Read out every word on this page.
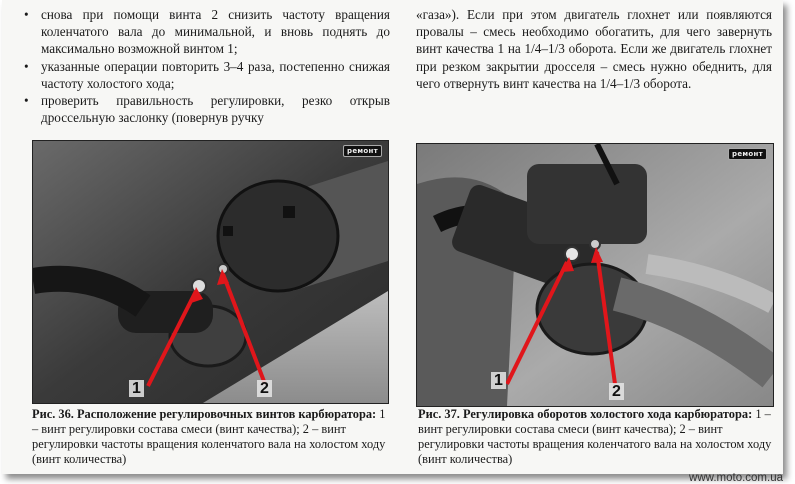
• снова при помощи винта 2 снизить частоту вращения коленчатого вала до минимальной, и вновь поднять до максимально возможной винтом 1;
• указанные операции повторить 3–4 раза, постепенно снижая частоту холостого хода;
• проверить правильность регулировки, резко открыв дроссельную заслонку (повернув ручку
«газа»). Если при этом двигатель глохнет или появляются провалы – смесь необходимо обогатить, для чего завернуть винт качества 1 на 1/4–1/3 оборота. Если же двигатель глохнет при резком закрытии дросселя – смесь нужно обеднить, для чего отвернуть винт качества на 1/4–1/3 оборота.
ремонт
1	2
Рис. 36. Расположение регулировочных винтов карбюратора: 1 – винт регулировки состава смеси (винт качества); 2 – винт регулировки частоты вращения коленчатого вала на холостом ходу (винт количества)
ремонт
1
2
Рис. 37. Регулировка оборотов холостого хода карбюратора: 1 – винт регулировки состава смеси (винт качества); 2 – винт регулировки частоты вращения коленчатого вала на холостом ходу (винт количества)
www.moto.com.ua
